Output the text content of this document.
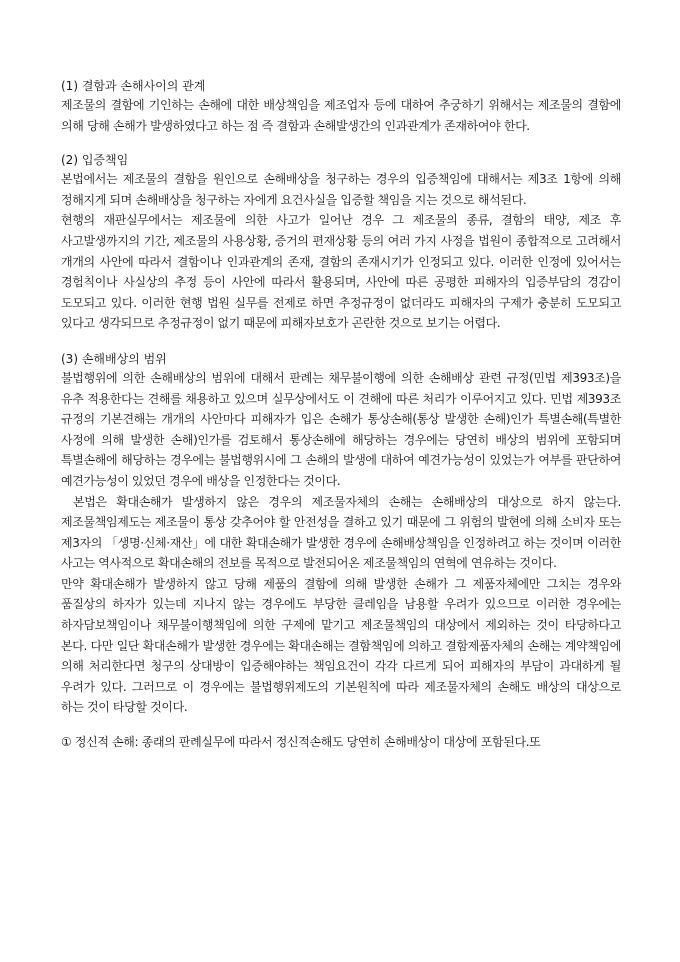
(1) 결함과 손해사이의 관계

제조물의 결함에 기인하는 손해에 대한 배상책임을 제조업자 등에 대하여 추궁하기 위해서는 제조물의 결함에 의해 당해 손해가 발생하였다고 하는 점 즉 결함과 손해발생간의 인과관계가 존재하여야 한다.

(2) 입증책임

본법에서는 제조물의 결함을 원인으로 손해배상을 청구하는 경우의 입증책임에 대해서는 제3조 1항에 의해 정해지게 되며 손해배상을 청구하는 자에게 요건사실을 입증할 책임을 지는 것으로 해석된다.

현행의 재판실무에서는 제조물에 의한 사고가 일어난 경우 그 제조물의 종류, 결함의 태양, 제조 후 사고발생까지의 기간, 제조물의 사용상황, 증거의 편재상황 등의 여러 가지 사정을 법원이 종합적으로 고려해서 개개의 사안에 따라서 결함이나 인과관계의 존재, 결함의 존재시기가 인정되고 있다. 이러한 인정에 있어서는 경험칙이나 사실상의 추정 등이 사안에 따라서 활용되며, 사안에 따른 공평한 피해자의 입증부담의 경감이 도모되고 있다. 이러한 현행 법원 실무를 전제로 하면 추정규정이 없더라도 피해자의 구제가 충분히 도모되고 있다고 생각되므로 추정규정이 없기 때문에 피해자보호가 곤란한 것으로 보기는 어렵다.

(3) 손해배상의 범위

불법행위에 의한 손해배상의 범위에 대해서 판례는 채무불이행에 의한 손해배상 관련 규정(민법 제393조)을 유추 적용한다는 견해를 채용하고 있으며 실무상에서도 이 견해에 따른 처리가 이루어지고 있다. 민법 제393조 규정의 기본견해는 개개의 사안마다 피해자가 입은 손해가 통상손해(통상 발생한 손해)인가 특별손해(특별한 사정에 의해 발생한 손해)인가를 검토해서 통상손해에 해당하는 경우에는 당연히 배상의 범위에 포함되며 특별손해에 해당하는 경우에는 불법행위시에 그 손해의 발생에 대하여 예견가능성이 있었는가 여부를 판단하여 예견가능성이 있었던 경우에 배상을 인정한다는 것이다.

본법은 확대손해가 발생하지 않은 경우의 제조물자체의 손해는 손해배상의 대상으로 하지 않는다. 제조물책임제도는 제조물이 통상 갖추어야 할 안전성을 결하고 있기 때문에 그 위험의 발현에 의해 소비자 또는 제3자의 「생명·신체·재산」에 대한 확대손해가 발생한 경우에 손해배상책임을 인정하려고 하는 것이며 이러한 사고는 역사적으로 확대손해의 전보를 목적으로 발전되어온 제조물책임의 연혁에 연유하는 것이다.

만약 확대손해가 발생하지 않고 당해 제품의 결함에 의해 발생한 손해가 그 제품자체에만 그치는 경우와 품질상의 하자가 있는데 지나지 않는 경우에도 부당한 클레임을 남용할 우려가 있으므로 이러한 경우에는 하자담보책임이나 채무불이행책임에 의한 구제에 맡기고 제조물책임의 대상에서 제외하는 것이 타당하다고 본다. 다만 일단 확대손해가 발생한 경우에는 확대손해는 결함책임에 의하고 결함제품자체의 손해는 계약책임에 의해 처리한다면 청구의 상대방이 입증해야하는 책임요건이 각각 다르게 되어 피해자의 부담이 과대하게 될 우려가 있다. 그러므로 이 경우에는 불법행위제도의 기본원칙에 따라 제조물자체의 손해도 배상의 대상으로 하는 것이 타당할 것이다.

① 정신적 손해: 종래의 판례실무에 따라서 정신적손해도 당연히 손해배상이 대상에 포함된다.또
